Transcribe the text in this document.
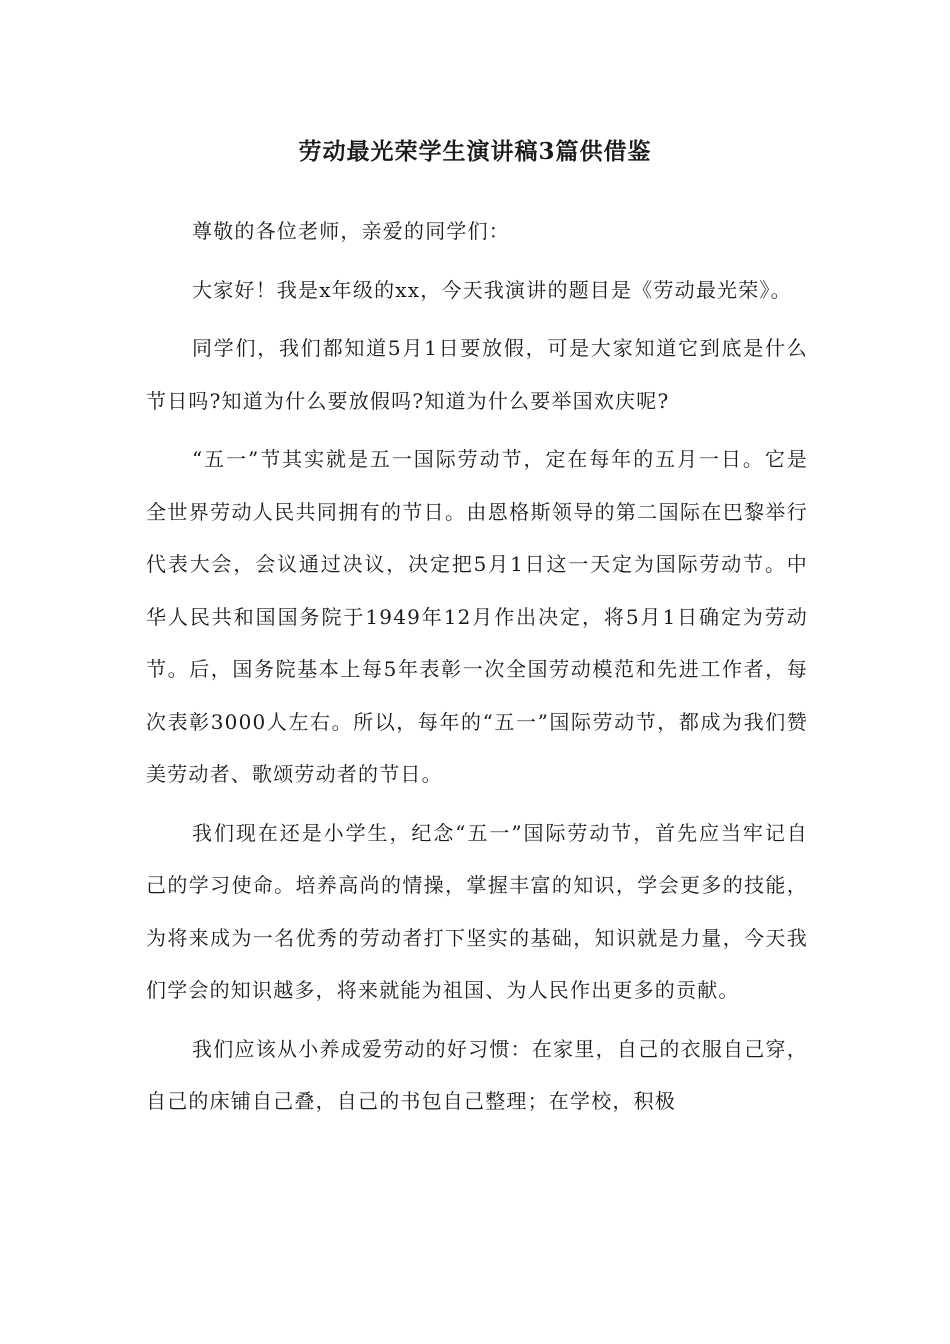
劳动最光荣学生演讲稿3篇供借鉴

尊敬的各位老师，亲爱的同学们：

大家好！我是x年级的xx，今天我演讲的题目是《劳动最光荣》。

同学们，我们都知道5月1日要放假，可是大家知道它到底是什么节日吗?知道为什么要放假吗?知道为什么要举国欢庆呢?

“五一”节其实就是五一国际劳动节，定在每年的五月一日。它是全世界劳动人民共同拥有的节日。由恩格斯领导的第二国际在巴黎举行代表大会，会议通过决议，决定把5月1日这一天定为国际劳动节。中华人民共和国国务院于1949年12月作出决定，将5月1日确定为劳动节。后，国务院基本上每5年表彰一次全国劳动模范和先进工作者，每次表彰3000人左右。所以，每年的“五一”国际劳动节，都成为我们赞美劳动者、歌颂劳动者的节日。

我们现在还是小学生，纪念“五一”国际劳动节，首先应当牢记自己的学习使命。培养高尚的情操，掌握丰富的知识，学会更多的技能，为将来成为一名优秀的劳动者打下坚实的基础，知识就是力量，今天我们学会的知识越多，将来就能为祖国、为人民作出更多的贡献。

我们应该从小养成爱劳动的好习惯：在家里，自己的衣服自己穿，自己的床铺自己叠，自己的书包自己整理；在学校，积极
